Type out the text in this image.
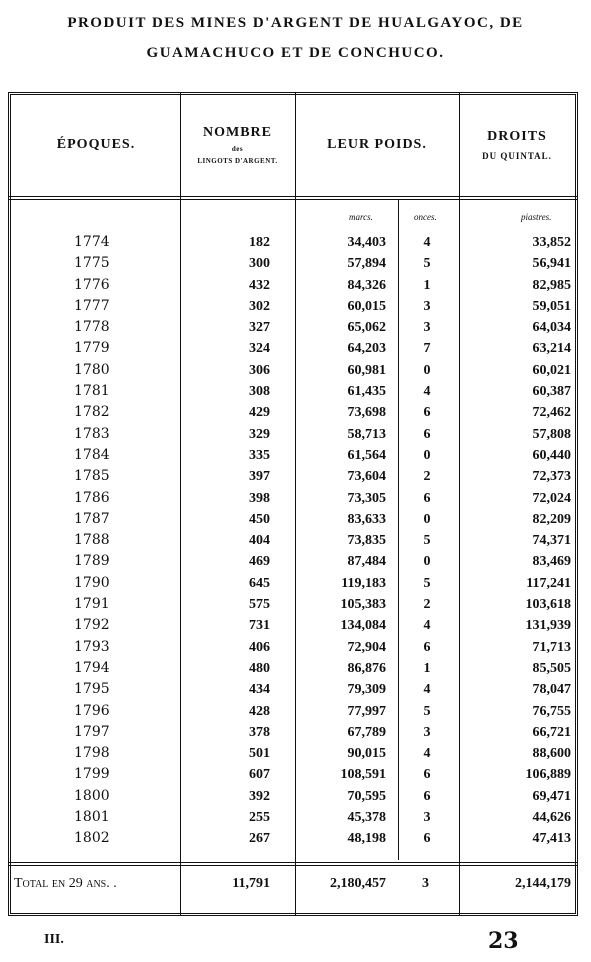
PRODUIT DES MINES D'ARGENT DE HUALGAYOC, DE
GUAMACHUCO ET DE CONCHUCO.
ÉPOQUES.
NOMBRE
des
LINGOTS D'ARGENT.
LEUR POIDS.
DROITS
DU QUINTAL.
marcs.	onces.	piastres.
1774	182	34,403	4	33,852
1775	300	57,894	5	56,941
1776	432	84,326	1	82,985
1777	302	60,015	3	59,051
1778	327	65,062	3	64,034
1779	324	64,203	7	63,214
1780	306	60,981	0	60,021
1781	308	61,435	4	60,387
1782	429	73,698	6	72,462
1783	329	58,713	6	57,808
1784	335	61,564	0	60,440
1785	397	73,604	2	72,373
1786	398	73,305	6	72,024
1787	450	83,633	0	82,209
1788	404	73,835	5	74,371
1789	469	87,484	0	83,469
1790	645	119,183	5	117,241
1791	575	105,383	2	103,618
1792	731	134,084	4	131,939
1793	406	72,904	6	71,713
1794	480	86,876	1	85,505
1795	434	79,309	4	78,047
1796	428	77,997	5	76,755
1797	378	67,789	3	66,721
1798	501	90,015	4	88,600
1799	607	108,591	6	106,889
1800	392	70,595	6	69,471
1801	255	45,378	3	44,626
1802	267	48,198	6	47,413
Total en 29 ans. .	11,791	2,180,457	3	2,144,179
III.	23
